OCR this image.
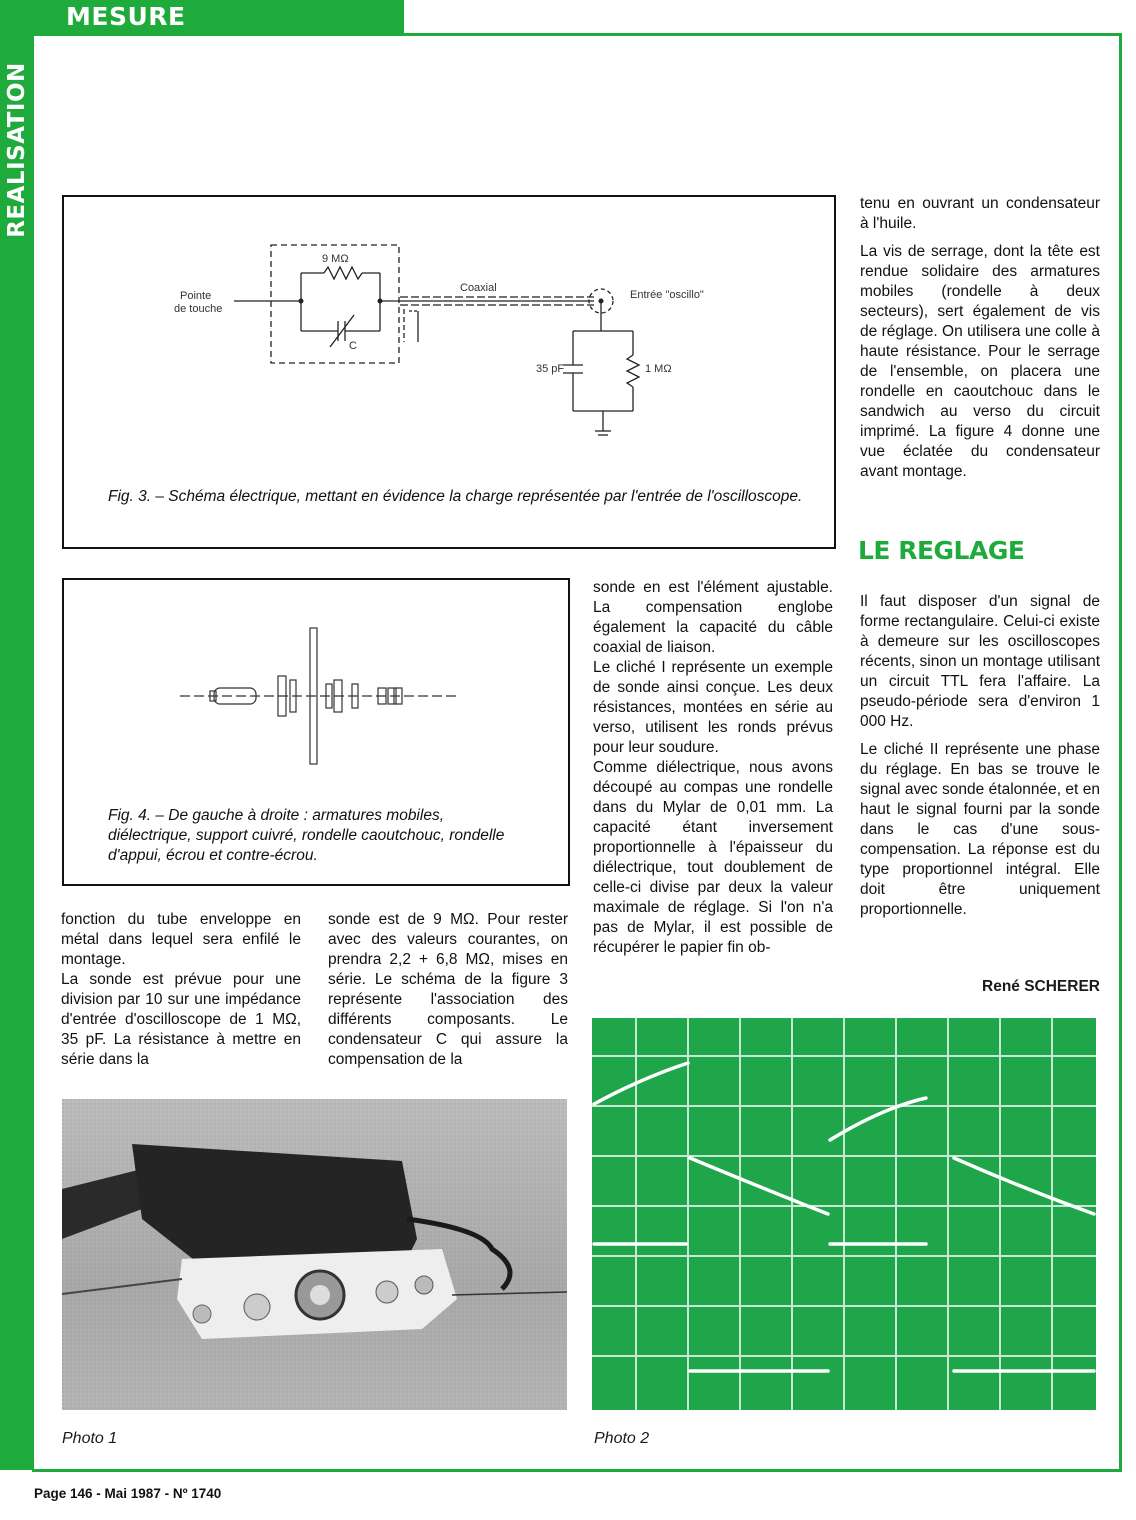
MESURE
REALISATION
9 MΩ
Pointe
de touche
Coaxial
Entrée "oscillo"
C
35 pF	1 MΩ
Fig. 3. – Schéma électrique, mettant en évidence la charge représentée par l'entrée de l'oscilloscope.
Fig. 4. – De gauche à droite : armatures mobiles, diélectrique, support cuivré, rondelle caoutchouc, rondelle d'appui, écrou et contre-écrou.

tenu en ouvrant un condensateur à l'huile.

La vis de serrage, dont la tête est rendue solidaire des armatures mobiles (rondelle à deux secteurs), sert également de vis de réglage. On utilisera une colle à haute résistance. Pour le serrage de l'ensemble, on placera une rondelle en caoutchouc dans le sandwich au verso du circuit imprimé. La figure 4 donne une vue éclatée du condensateur avant montage.

LE REGLAGE

Il faut disposer d'un signal de forme rectangulaire. Celui-ci existe à demeure sur les oscilloscopes récents, sinon un montage utilisant un circuit TTL fera l'affaire. La pseudo-période sera d'environ 1 000 Hz.

Le cliché II représente une phase du réglage. En bas se trouve le signal avec sonde étalonnée, et en haut le signal fourni par la sonde dans le cas d'une sous-compensation. La réponse est du type proportionnel intégral. Elle doit être uniquement proportionnelle.

René SCHERER

sonde en est l'élément ajustable. La compensation englobe également la capacité du câble coaxial de liaison.

Le cliché I représente un exemple de sonde ainsi conçue. Les deux résistances, montées en série au verso, utilisent les ronds prévus pour leur soudure.

Comme diélectrique, nous avons découpé au compas une rondelle dans du Mylar de 0,01 mm. La capacité étant inversement proportionnelle à l'épaisseur du diélectrique, tout doublement de celle-ci divise par deux la valeur maximale de réglage. Si l'on n'a pas de Mylar, il est possible de récupérer le papier fin ob-

fonction du tube enveloppe en métal dans lequel sera enfilé le montage.

La sonde est prévue pour une division par 10 sur une impédance d'entrée d'oscilloscope de 1 MΩ, 35 pF. La résistance à mettre en série dans la

sonde est de 9 MΩ. Pour rester avec des valeurs courantes, on prendra 2,2 + 6,8 MΩ, mises en série. Le schéma de la figure 3 représente l'association des différents composants. Le condensateur C qui assure la compensation de la

Photo 1	Photo 2
Page 146 - Mai 1987 - Nº 1740
